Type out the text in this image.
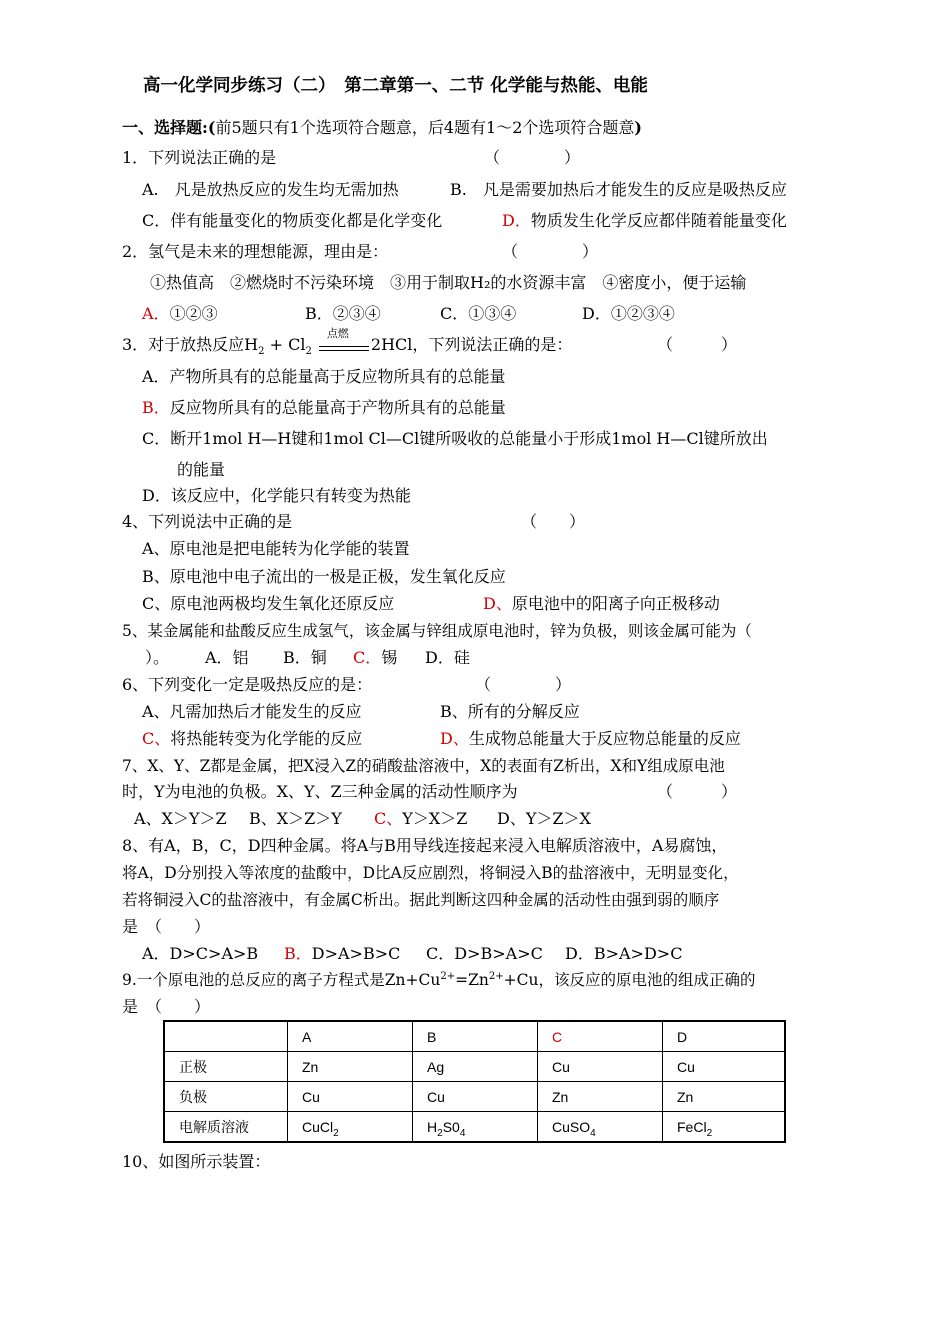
高一化学同步练习（二）　第二章第一、二节 化学能与热能、电能
一、选择题:(前5题只有1个选项符合题意，后4题有1～2个选项符合题意)
1．下列说法正确的是	（　　　　）
A.　凡是放热反应的发生均无需加热	B.　凡是需要加热后才能发生的反应是吸热反应
C．伴有能量变化的物质变化都是化学变化	D．物质发生化学反应都伴随着能量变化
2．氢气是未来的理想能源，理由是：	（　　　　）
①热值高　②燃烧时不污染环境　③用于制取H₂的水资源丰富　④密度小，便于运输
A．①②③	B．②③④	C．①③④	D．①②③④
3．对于放热反应$H_2 + Cl_2$
点燃
2HCl，下列说法正确的是：	（　　　）
A．产物所具有的总能量高于反应物所具有的总能量
B．反应物所具有的总能量高于产物所具有的总能量
C．断开1mol H—H键和1mol Cl—Cl键所吸收的总能量小于形成1mol H—Cl键所放出
的能量
D．该反应中，化学能只有转变为热能
4、下列说法中正确的是	（　　）
A、原电池是把电能转为化学能的装置
B、原电池中电子流出的一极是正极，发生氧化反应
C、原电池两极均发生氧化还原反应	D、原电池中的阳离子向正极移动
5、某金属能和盐酸反应生成氢气，该金属与锌组成原电池时，锌为负极，则该金属可能为（
）。 A．铝 B．铜 C．锡 D．硅
6、下列变化一定是吸热反应的是：	（　　　　）
A、凡需加热后才能发生的反应	B、所有的分解反应
C、将热能转变为化学能的反应	D、生成物总能量大于反应物总能量的反应
7、X、Y、Z都是金属，把X浸入Z的硝酸盐溶液中，X的表面有Z析出，X和Y组成原电池
时，Y为电池的负极。X、Y、Z三种金属的活动性顺序为	（　　　）
A、X＞Y＞Z B、X＞Z＞Y C、Y＞X＞Z D、Y＞Z＞X
8、有A，B，C，D四种金属。将A与B用导线连接起来浸入电解质溶液中，A易腐蚀，
将A，D分别投入等浓度的盐酸中，D比A反应剧烈，将铜浸入B的盐溶液中，无明显变化，
若将铜浸入C的盐溶液中，有金属C析出。据此判断这四种金属的活动性由强到弱的顺序
是　（　　）
A．D>C>A>B B．D>A>B>C C．D>B>A>C D．B>A>D>C
9.一个原电池的总反应的离子方程式是$Zn+Cu^{2+}=Zn^{2+}+Cu$，该反应的原电池的组成正确的
是　（　　）
	A	B	C	D
正极	Zn	Ag	Cu	Cu
负极	Cu	Cu	Zn	Zn
电解质溶液	CuCl$_2$	$H_2S0_4$	CuSO$_4$	FeCl$_2$
10、如图所示装置：
